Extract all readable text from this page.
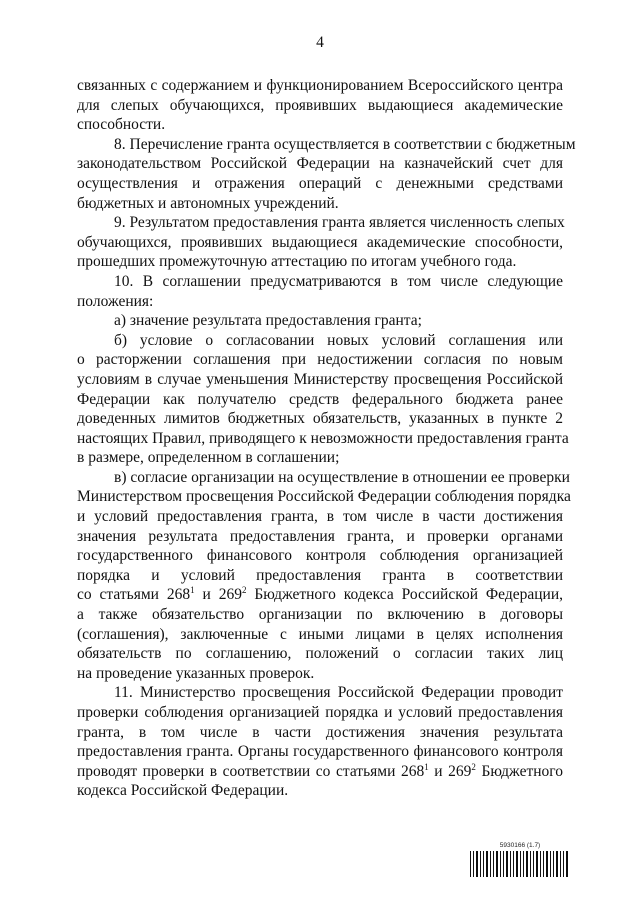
4
связанных с содержанием и функционированием Всероссийского центра
для слепых обучающихся, проявивших выдающиеся академические
способности.
8. Перечисление гранта осуществляется в соответствии с бюджетным
законодательством Российской Федерации на казначейский счет для
осуществления и отражения операций с денежными средствами
бюджетных и автономных учреждений.
9. Результатом предоставления гранта является численность слепых
обучающихся, проявивших выдающиеся академические способности,
прошедших промежуточную аттестацию по итогам учебного года.
10. В соглашении предусматриваются в том числе следующие
положения:
а) значение результата предоставления гранта;
б) условие о согласовании новых условий соглашения или
о расторжении соглашения при недостижении согласия по новым
условиям в случае уменьшения Министерству просвещения Российской
Федерации как получателю средств федерального бюджета ранее
доведенных лимитов бюджетных обязательств, указанных в пункте 2
настоящих Правил, приводящего к невозможности предоставления гранта
в размере, определенном в соглашении;
в) согласие организации на осуществление в отношении ее проверки
Министерством просвещения Российской Федерации соблюдения порядка
и условий предоставления гранта, в том числе в части достижения
значения результата предоставления гранта, и проверки органами
государственного финансового контроля соблюдения организацией
порядка и условий предоставления гранта в соответствии
со статьями $268^1$ и $269^2$ Бюджетного кодекса Российской Федерации,
а также обязательство организации по включению в договоры
(соглашения), заключенные с иными лицами в целях исполнения
обязательств по соглашению, положений о согласии таких лиц
на проведение указанных проверок.
11. Министерство просвещения Российской Федерации проводит
проверки соблюдения организацией порядка и условий предоставления
гранта, в том числе в части достижения значения результата
предоставления гранта. Органы государственного финансового контроля
проводят проверки в соответствии со статьями $268^1$ и $269^2$ Бюджетного
кодекса Российской Федерации.
5930166 (1.7)
